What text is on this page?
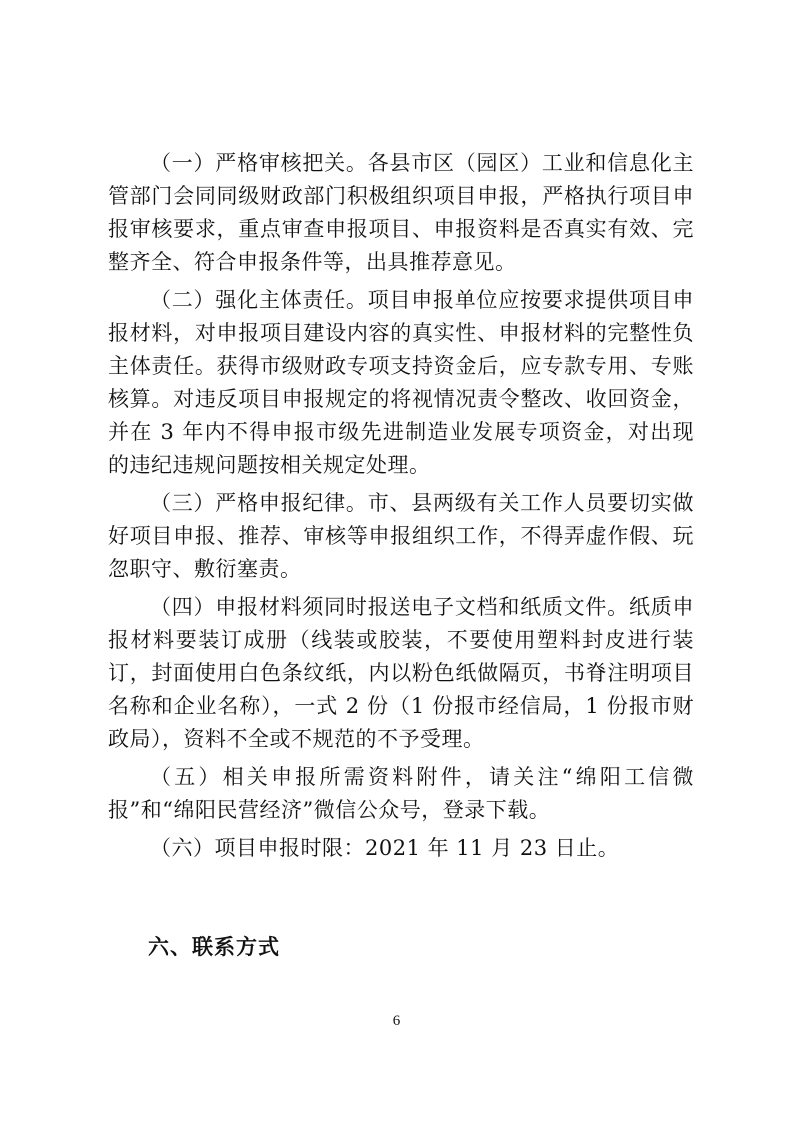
（一）严格审核把关。各县市区（园区）工业和信息化主管部门会同同级财政部门积极组织项目申报，严格执行项目申报审核要求，重点审查申报项目、申报资料是否真实有效、完整齐全、符合申报条件等，出具推荐意见。

（二）强化主体责任。项目申报单位应按要求提供项目申报材料，对申报项目建设内容的真实性、申报材料的完整性负主体责任。获得市级财政专项支持资金后，应专款专用、专账核算。对违反项目申报规定的将视情况责令整改、收回资金，并在 3 年内不得申报市级先进制造业发展专项资金，对出现的违纪违规问题按相关规定处理。

（三）严格申报纪律。市、县两级有关工作人员要切实做好项目申报、推荐、审核等申报组织工作，不得弄虚作假、玩忽职守、敷衍塞责。

（四）申报材料须同时报送电子文档和纸质文件。纸质申报材料要装订成册（线装或胶装，不要使用塑料封皮进行装订，封面使用白色条纹纸，内以粉色纸做隔页，书脊注明项目名称和企业名称），一式 2 份（1 份报市经信局，1 份报市财政局），资料不全或不规范的不予受理。

（五）相关申报所需资料附件，请关注“绵阳工信微报”和“绵阳民营经济”微信公众号，登录下载。

（六）项目申报时限：2021 年 11 月 23 日止。

六、联系方式
6
